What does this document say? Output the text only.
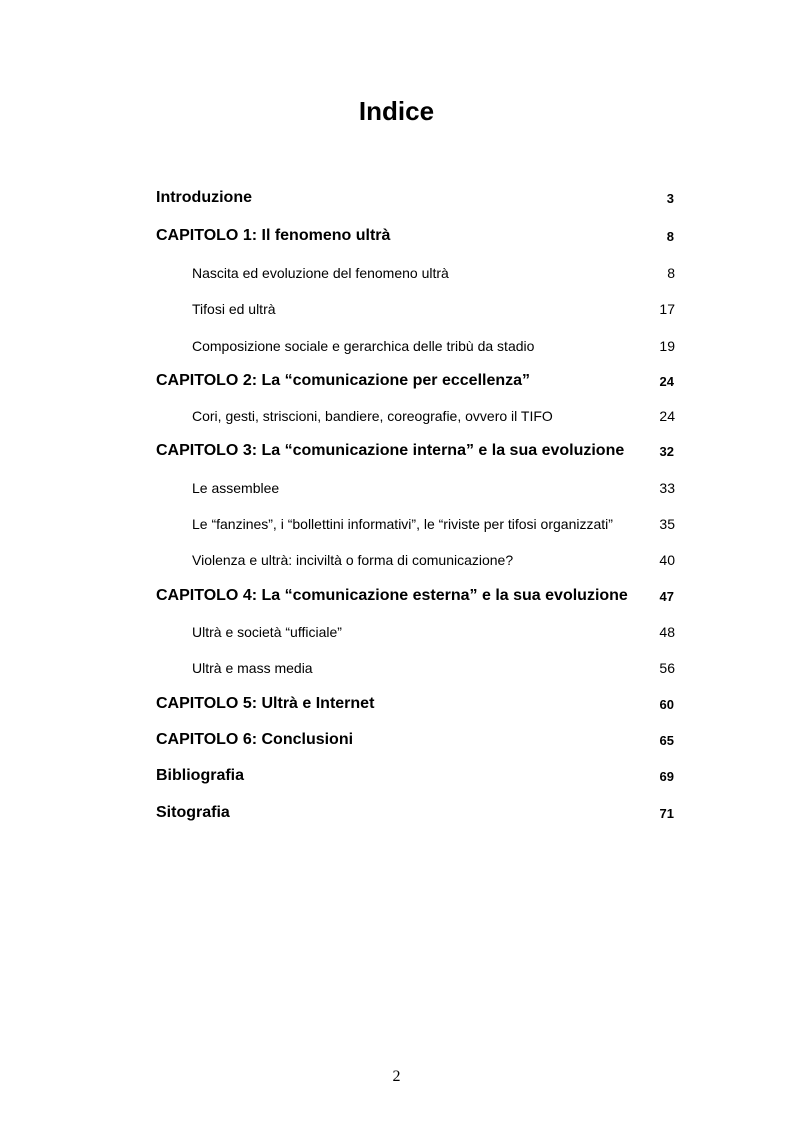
Indice
Introduzione	3
CAPITOLO 1: Il fenomeno ultrà	8
Nascita ed evoluzione del fenomeno ultrà	8
Tifosi ed ultrà	17
Composizione sociale e gerarchica delle tribù da stadio	19
CAPITOLO 2: La “comunicazione per eccellenza”	24
Cori, gesti, striscioni, bandiere, coreografie, ovvero il TIFO	24
CAPITOLO 3: La “comunicazione interna” e la sua evoluzione	32
Le assemblee	33
Le “fanzines”, i “bollettini informativi”, le “riviste per tifosi organizzati”	35
Violenza e ultrà: inciviltà o forma di comunicazione?	40
CAPITOLO 4: La “comunicazione esterna” e la sua evoluzione 47
Ultrà e società “ufficiale”	48
Ultrà e mass media	56
CAPITOLO 5: Ultrà e Internet	60
CAPITOLO 6: Conclusioni	65
Bibliografia	69
Sitografia	71
2
